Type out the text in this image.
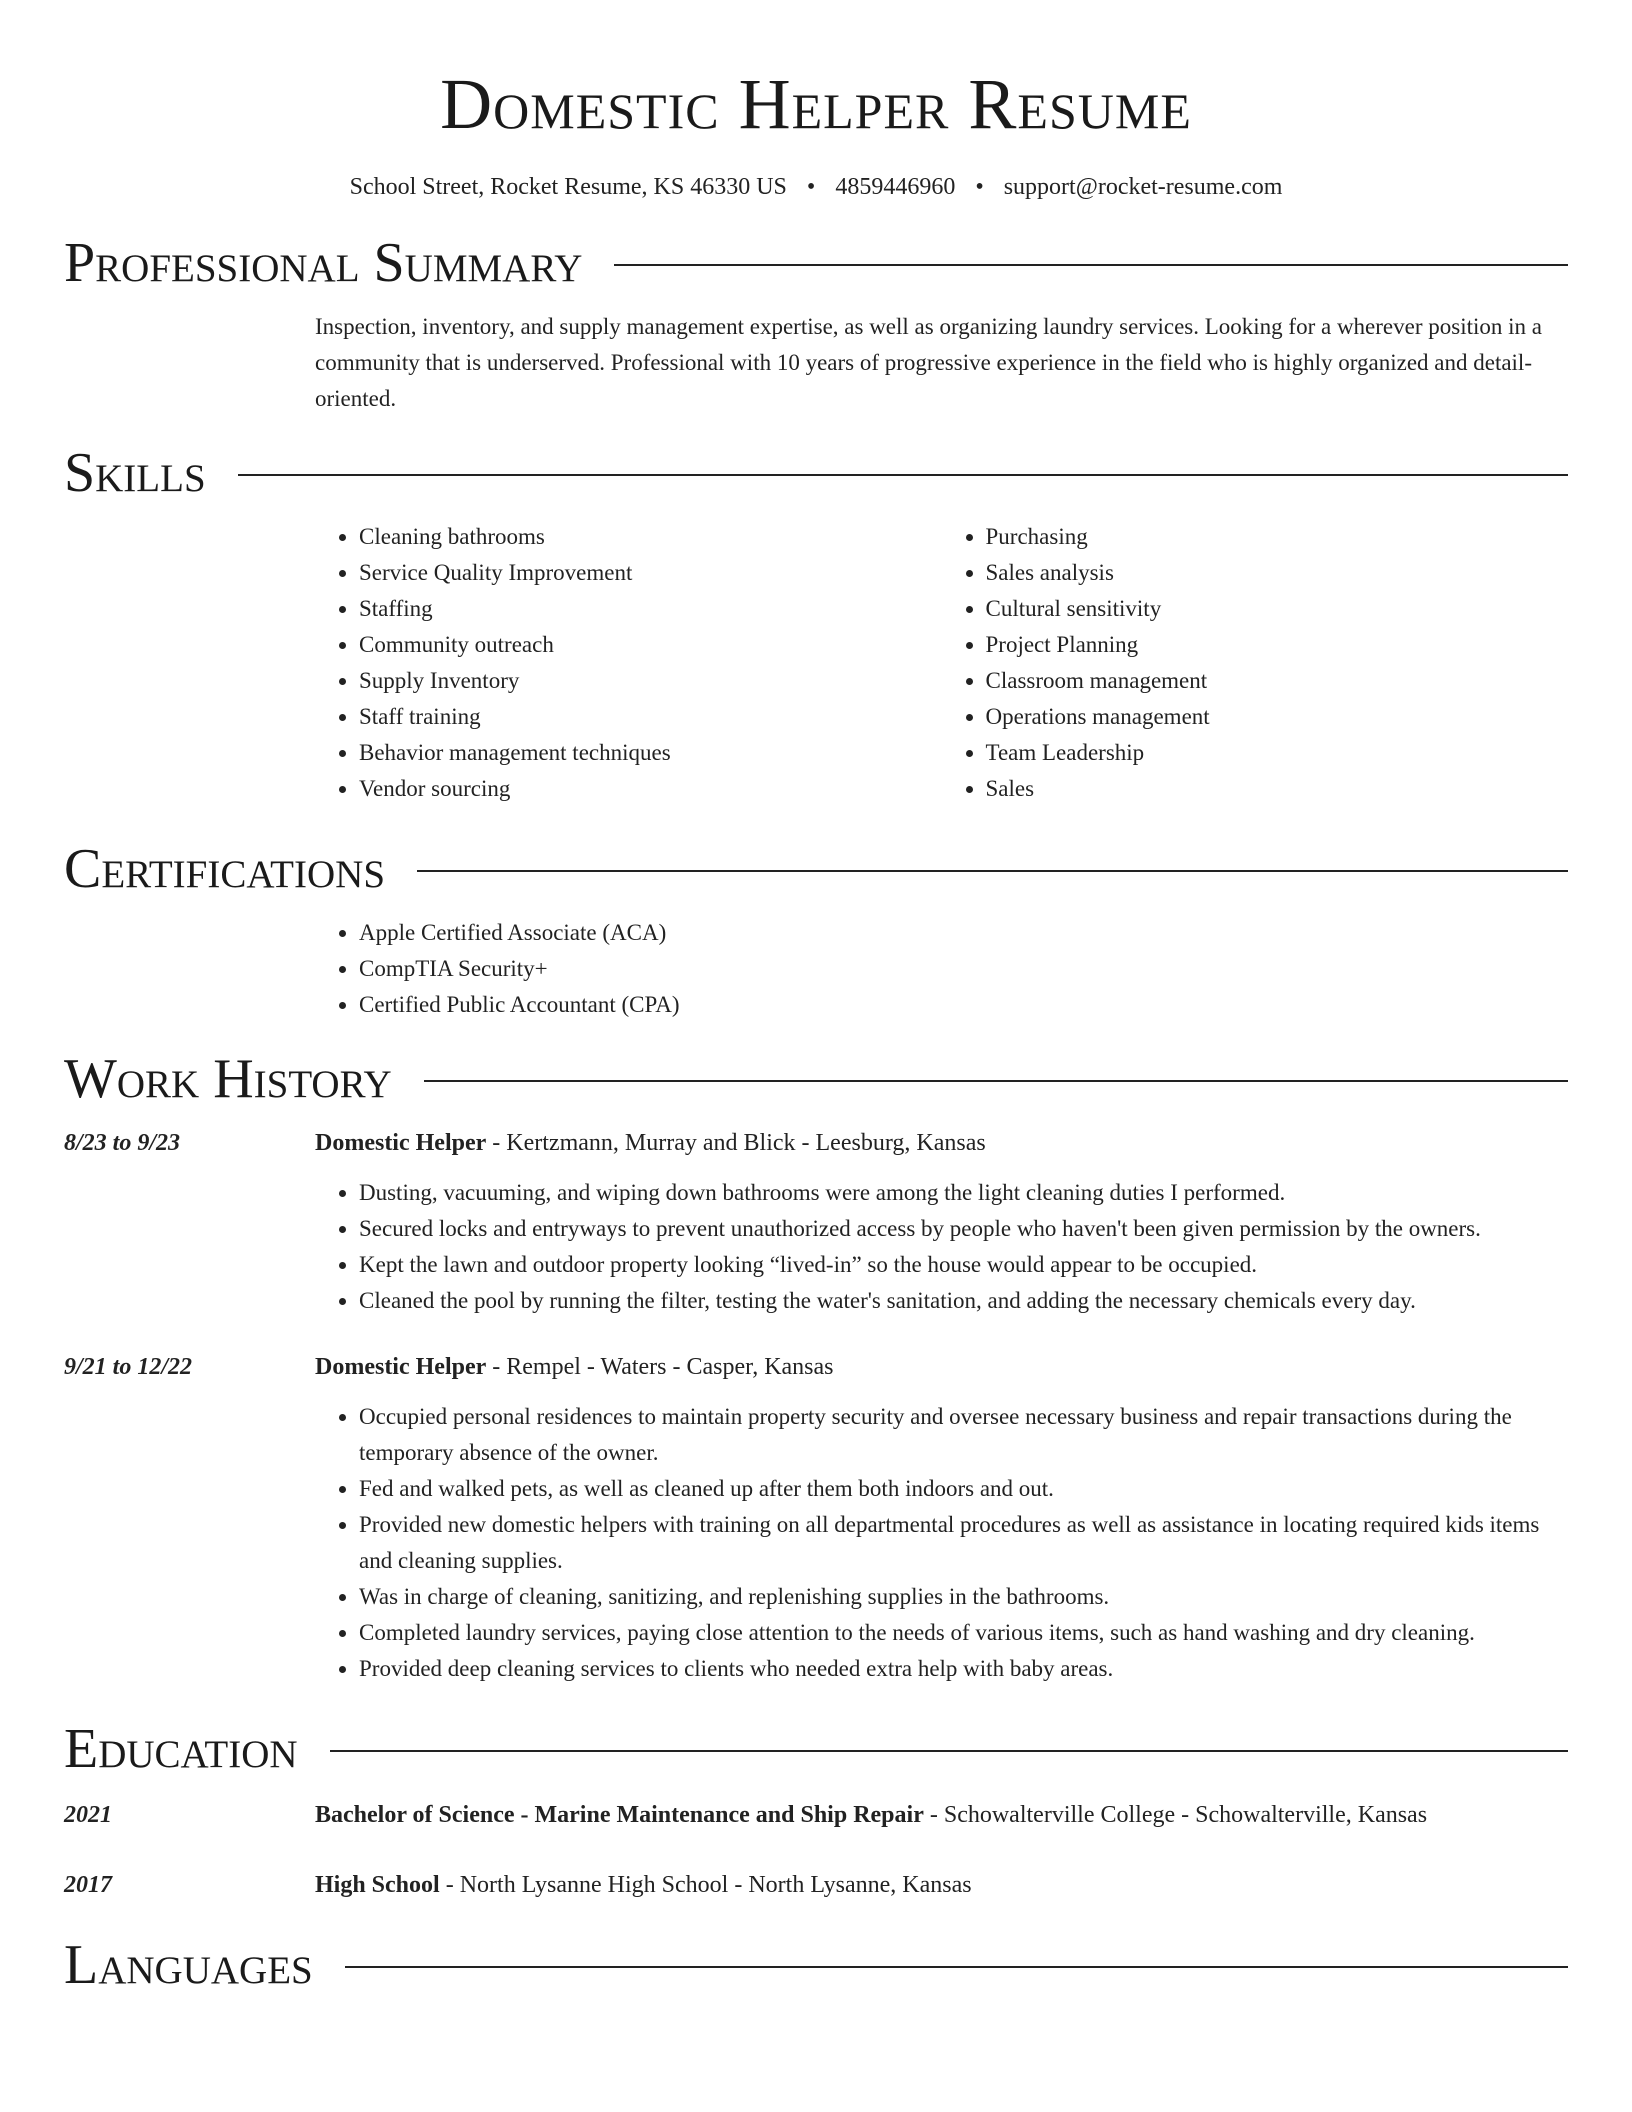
Domestic Helper Resume
School Street, Rocket Resume, KS 46330 US • 4859446960 • support@rocket-resume.com
Professional Summary
Inspection, inventory, and supply management expertise, as well as organizing laundry services. Looking for a wherever position in a community that is underserved. Professional with 10 years of progressive experience in the field who is highly organized and detail-oriented.
Skills
• Cleaning bathrooms
• Service Quality Improvement
• Staffing
• Community outreach
• Supply Inventory
• Staff training
• Behavior management techniques
• Vendor sourcing
• Purchasing
• Sales analysis
• Cultural sensitivity
• Project Planning
• Classroom management
• Operations management
• Team Leadership
• Sales
Certifications
• Apple Certified Associate (ACA)
• CompTIA Security+
• Certified Public Accountant (CPA)
Work History
8/23 to 9/23	Domestic Helper - Kertzmann, Murray and Blick - Leesburg, Kansas
• Dusting, vacuuming, and wiping down bathrooms were among the light cleaning duties I performed.
• Secured locks and entryways to prevent unauthorized access by people who haven't been given permission by the owners.
• Kept the lawn and outdoor property looking “lived-in” so the house would appear to be occupied.
• Cleaned the pool by running the filter, testing the water's sanitation, and adding the necessary chemicals every day.
9/21 to 12/22	Domestic Helper - Rempel - Waters - Casper, Kansas
• Occupied personal residences to maintain property security and oversee necessary business and repair transactions during the temporary absence of the owner.
• Fed and walked pets, as well as cleaned up after them both indoors and out.
• Provided new domestic helpers with training on all departmental procedures as well as assistance in locating required kids items and cleaning supplies.
• Was in charge of cleaning, sanitizing, and replenishing supplies in the bathrooms.
• Completed laundry services, paying close attention to the needs of various items, such as hand washing and dry cleaning.
• Provided deep cleaning services to clients who needed extra help with baby areas.
Education
2021	Bachelor of Science - Marine Maintenance and Ship Repair - Schowalterville College - Schowalterville, Kansas
2017	High School - North Lysanne High School - North Lysanne, Kansas
Languages
